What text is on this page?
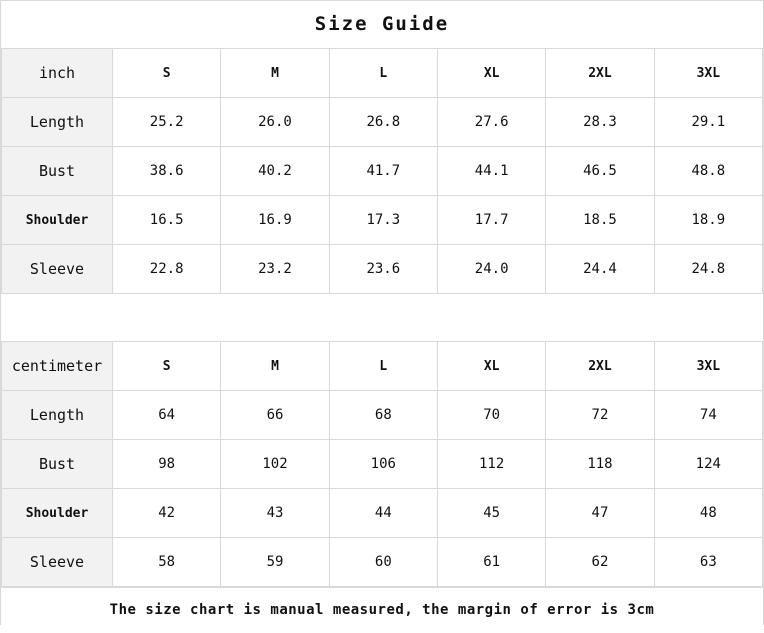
Size Guide
inch	S	M	L	XL	2XL	3XL
Length	25.2	26.0	26.8	27.6	28.3	29.1
Bust	38.6	40.2	41.7	44.1	46.5	48.8
Shoulder	16.5	16.9	17.3	17.7	18.5	18.9
Sleeve	22.8	23.2	23.6	24.0	24.4	24.8

centimeter	S	M	L	XL	2XL	3XL
Length	64	66	68	70	72	74
Bust	98	102	106	112	118	124
Shoulder	42	43	44	45	47	48
Sleeve	58	59	60	61	62	63
The size chart is manual measured, the margin of error is 3cm
